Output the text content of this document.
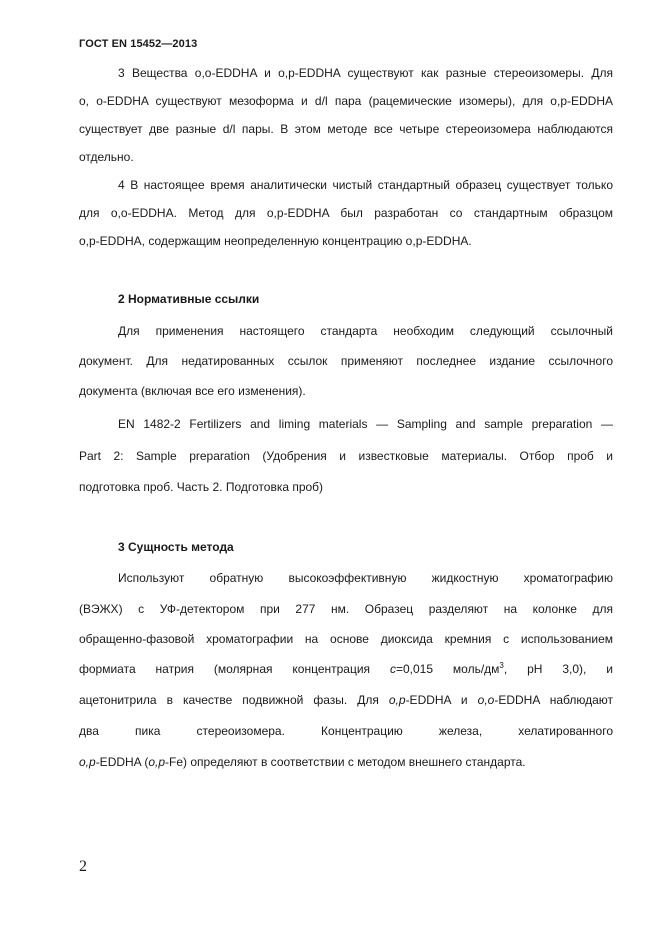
ГОСТ EN 15452—2013
3 Вещества o,o-EDDHA и o,p-EDDHA существуют как разные стереоизомеры. Для
o, o-EDDHA существуют мезоформа и d/l пара (рацемические изомеры), для o,p-EDDHA
существует две разные d/l пары. В этом методе все четыре стереоизомера наблюдаются
отдельно.
4 В настоящее время аналитически чистый стандартный образец существует только
для o,o-EDDHA. Метод для o,p-EDDHA был разработан со стандартным образцом
o,p-EDDHA, содержащим неопределенную концентрацию o,p-EDDHA.
2 Нормативные ссылки
Для применения настоящего стандарта необходим следующий ссылочный
документ. Для недатированных ссылок применяют последнее издание ссылочного
документа (включая все его изменения).
EN 1482-2 Fertilizers and liming materials — Sampling and sample preparation —
Part 2: Sample preparation (Удобрения и известковые материалы. Отбор проб и
подготовка проб. Часть 2. Подготовка проб)
3 Сущность метода
Используют обратную высокоэффективную жидкостную хроматографию
(ВЭЖХ) с УФ-детектором при 277 нм. Образец разделяют на колонке для
обращенно-фазовой хроматографии на основе диоксида кремния с использованием
формиата натрия (молярная концентрация c=0,015 моль/$дм^3$, pH 3,0), и
ацетонитрила в качестве подвижной фазы. Для o,p-EDDHA и o,o-EDDHA наблюдают
два пика стереоизомера. Концентрацию железа, хелатированного
o,p-EDDHA (o,p-Fe) определяют в соответствии с методом внешнего стандарта.
2
